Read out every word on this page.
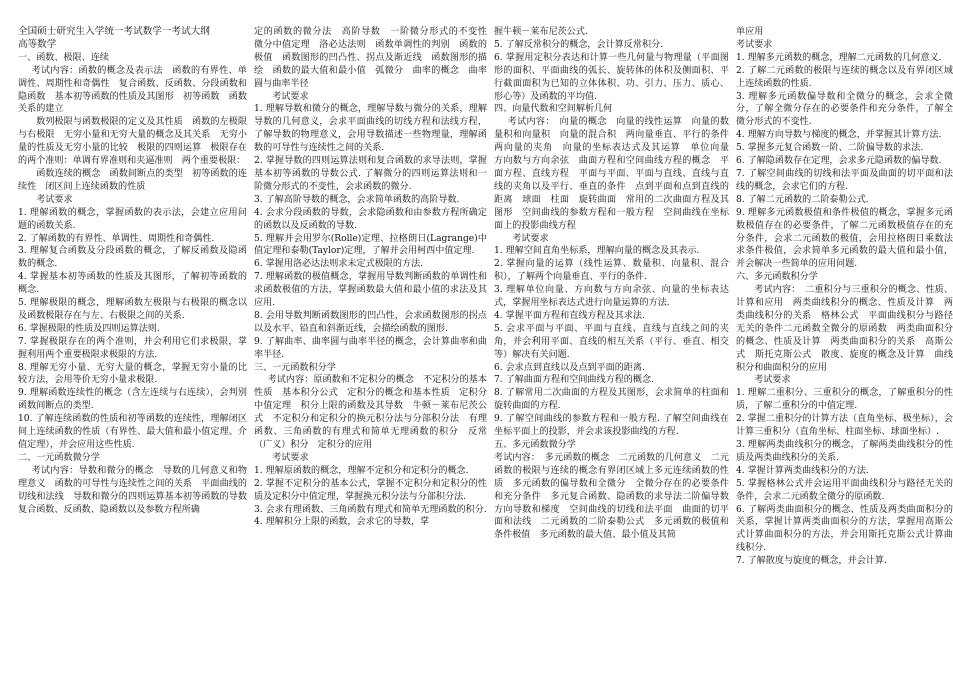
全国硕士研究生入学统一考试数学一考试大纲

高等数学

一、函数、极限、连续

考试内容：函数的概念及表示法　函数的有界性、单调性、周期性和奇偶性　复合函数、反函数、分段函数和隐函数　基本初等函数的性质及其图形　初等函数　函数关系的建立

数列极限与函数极限的定义及其性质　函数的左极限与右极限　无穷小量和无穷大量的概念及其关系　无穷小量的性质及无穷小量的比较　极限的四则运算　极限存在的两个准则：单调有界准则和夹逼准则　两个重要极限：

函数连续的概念　函数间断点的类型　初等函数的连续性　闭区间上连续函数的性质

考试要求

1. 理解函数的概念，掌握函数的表示法，会建立应用问题的函数关系.

2. 了解函数的有界性、单调性、周期性和奇偶性.

3. 理解复合函数及分段函数的概念，了解反函数及隐函数的概念.

4. 掌握基本初等函数的性质及其图形，了解初等函数的概念.

5. 理解极限的概念，理解函数左极限与右极限的概念以及函数极限存在与左、右极限之间的关系.

6. 掌握极限的性质及四则运算法则.

7. 掌握极限存在的两个准则，并会利用它们求极限，掌握利用两个重要极限求极限的方法.

8. 理解无穷小量、无穷大量的概念，掌握无穷小量的比较方法，会用等价无穷小量求极限.

9. 理解函数连续性的概念（含左连续与右连续），会判别函数间断点的类型.

10. 了解连续函数的性质和初等函数的连续性，理解闭区间上连续函数的性质（有界性、最大值和最小值定理、介值定理），并会应用这些性质.

二、一元函数微分学

考试内容：导数和微分的概念　导数的几何意义和物理意义　函数的可导性与连续性之间的关系　平面曲线的切线和法线　导数和微分的四则运算基本初等函数的导数　复合函数、反函数、隐函数以及参数方程所确

定的函数的微分法　高阶导数　一阶微分形式的不变性　微分中值定理　洛必达法则　函数单调性的判别　函数的极值　函数图形的凹凸性、拐点及渐近线　函数图形的描绘　函数的最大值和最小值　弧微分　曲率的概念　曲率圆与曲率半径

考试要求

1. 理解导数和微分的概念，理解导数与微分的关系，理解导数的几何意义，会求平面曲线的切线方程和法线方程，了解导数的物理意义，会用导数描述一些物理量，理解函数的可导性与连续性之间的关系.

2. 掌握导数的四则运算法则和复合函数的求导法则，掌握基本初等函数的导数公式. 了解微分的四则运算法则和一阶微分形式的不变性，会求函数的微分.

3. 了解高阶导数的概念，会求简单函数的高阶导数.

4. 会求分段函数的导数，会求隐函数和由参数方程所确定的函数以及反函数的导数.

5. 理解并会用罗尔(Rolle)定理、拉格朗日(Lagrange)中值定理和泰勒(Taylor)定理，了解并会用柯西中值定理.

6. 掌握用洛必达法则求未定式极限的方法.

7. 理解函数的极值概念，掌握用导数判断函数的单调性和求函数极值的方法，掌握函数最大值和最小值的求法及其应用.

8. 会用导数判断函数图形的凹凸性，会求函数图形的拐点以及水平、铅直和斜渐近线，会描绘函数的图形.

9. 了解曲率、曲率圆与曲率半径的概念，会计算曲率和曲率半径.

三、一元函数积分学

考试内容：原函数和不定积分的概念　不定积分的基本性质　基本积分公式　定积分的概念和基本性质　定积分中值定理　积分上限的函数及其导数　牛顿－莱布尼茨公式　不定积分和定积分的换元积分法与分部积分法　有理函数、三角函数的有理式和简单无理函数的积分　反常（广义）积分　定积分的应用

考试要求

1. 理解原函数的概念，理解不定积分和定积分的概念.

2. 掌握不定积分的基本公式，掌握不定积分和定积分的性质及定积分中值定理，掌握换元积分法与分部积分法.

3. 会求有理函数、三角函数有理式和简单无理函数的积分.

4. 理解积分上限的函数，会求它的导数，掌

握牛顿－莱布尼茨公式.

5. 了解反常积分的概念，会计算反常积分.

6. 掌握用定积分表达和计算一些几何量与物理量（平面图形的面积、平面曲线的弧长、旋转体的体积及侧面积、平行截面面积为已知的立体体积、功、引力、压力、质心、形心等）及函数的平均值.

四、向量代数和空间解析几何

考试内容：　向量的概念　向量的线性运算　向量的数量积和向量积　向量的混合积　两向量垂直、平行的条件　两向量的夹角　向量的坐标表达式及其运算　单位向量　方向数与方向余弦　曲面方程和空间曲线方程的概念　平面方程、直线方程　平面与平面、平面与直线、直线与直线的夹角以及平行、垂直的条件　点到平面和点到直线的距离　球面　柱面　旋转曲面　常用的二次曲面方程及其图形　空间曲线的参数方程和一般方程　空间曲线在坐标面上的投影曲线方程

考试要求

1. 理解空间直角坐标系，理解向量的概念及其表示.

2. 掌握向量的运算（线性运算、数量积、向量积、混合积），了解两个向量垂直、平行的条件.

3. 理解单位向量、方向数与方向余弦、向量的坐标表达式，掌握用坐标表达式进行向量运算的方法.

4. 掌握平面方程和直线方程及其求法.

5. 会求平面与平面、平面与直线、直线与直线之间的夹角，并会利用平面、直线的相互关系（平行、垂直、相交等）解决有关问题.

6. 会求点到直线以及点到平面的距离.

7. 了解曲面方程和空间曲线方程的概念.

8. 了解常用二次曲面的方程及其图形，会求简单的柱面和旋转曲面的方程.

9. 了解空间曲线的参数方程和一般方程. 了解空间曲线在坐标平面上的投影，并会求该投影曲线的方程.

五、多元函数微分学

考试内容：　多元函数的概念　二元函数的几何意义　二元函数的极限与连续的概念有界闭区域上多元连续函数的性质　多元函数的偏导数和全微分　全微分存在的必要条件和充分条件　多元复合函数、隐函数的求导法二阶偏导数　方向导数和梯度　空间曲线的切线和法平面　曲面的切平面和法线　二元函数的二阶泰勒公式　多元函数的极值和条件极值　多元函数的最大值、最小值及其简

单应用

考试要求

1. 理解多元函数的概念，理解二元函数的几何意义.

2. 了解二元函数的极限与连续的概念以及有界闭区域上连续函数的性质.

3. 理解多元函数偏导数和全微分的概念，会求全微分，了解全微分存在的必要条件和充分条件，了解全微分形式的不变性.

4. 理解方向导数与梯度的概念，并掌握其计算方法.

5. 掌握多元复合函数一阶、二阶偏导数的求法.

6. 了解隐函数存在定理，会求多元隐函数的偏导数.

7. 了解空间曲线的切线和法平面及曲面的切平面和法线的概念，会求它们的方程.

8. 了解二元函数的二阶泰勒公式.

9. 理解多元函数极值和条件极值的概念，掌握多元函数极值存在的必要条件，了解二元函数极值存在的充分条件，会求二元函数的极值，会用拉格朗日乘数法求条件极值，会求简单多元函数的最大值和最小值，并会解决一些简单的应用问题.

六、多元函数积分学

考试内容：　二重积分与三重积分的概念、性质、计算和应用　两类曲线积分的概念、性质及计算　两类曲线积分的关系　格林公式　平面曲线积分与路径无关的条件二元函数全微分的原函数　两类曲面积分的概念、性质及计算　两类曲面积分的关系　高斯公式　斯托克斯公式　散度、旋度的概念及计算　曲线积分和曲面积分的应用

考试要求

1. 理解二重积分、三重积分的概念，了解重积分的性质，了解二重积分的中值定理.

2. 掌握二重积分的计算方法（直角坐标、极坐标），会计算三重积分（直角坐标、柱面坐标、球面坐标）.

3. 理解两类曲线积分的概念，了解两类曲线积分的性质及两类曲线积分的关系.

4. 掌握计算两类曲线积分的方法.

5. 掌握格林公式并会运用平面曲线积分与路径无关的条件，会求二元函数全微分的原函数.

6. 了解两类曲面积分的概念、性质及两类曲面积分的关系，掌握计算两类曲面积分的方法，掌握用高斯公式计算曲面积分的方法，并会用斯托克斯公式计算曲线积分.

7. 了解散度与旋度的概念，并会计算.
